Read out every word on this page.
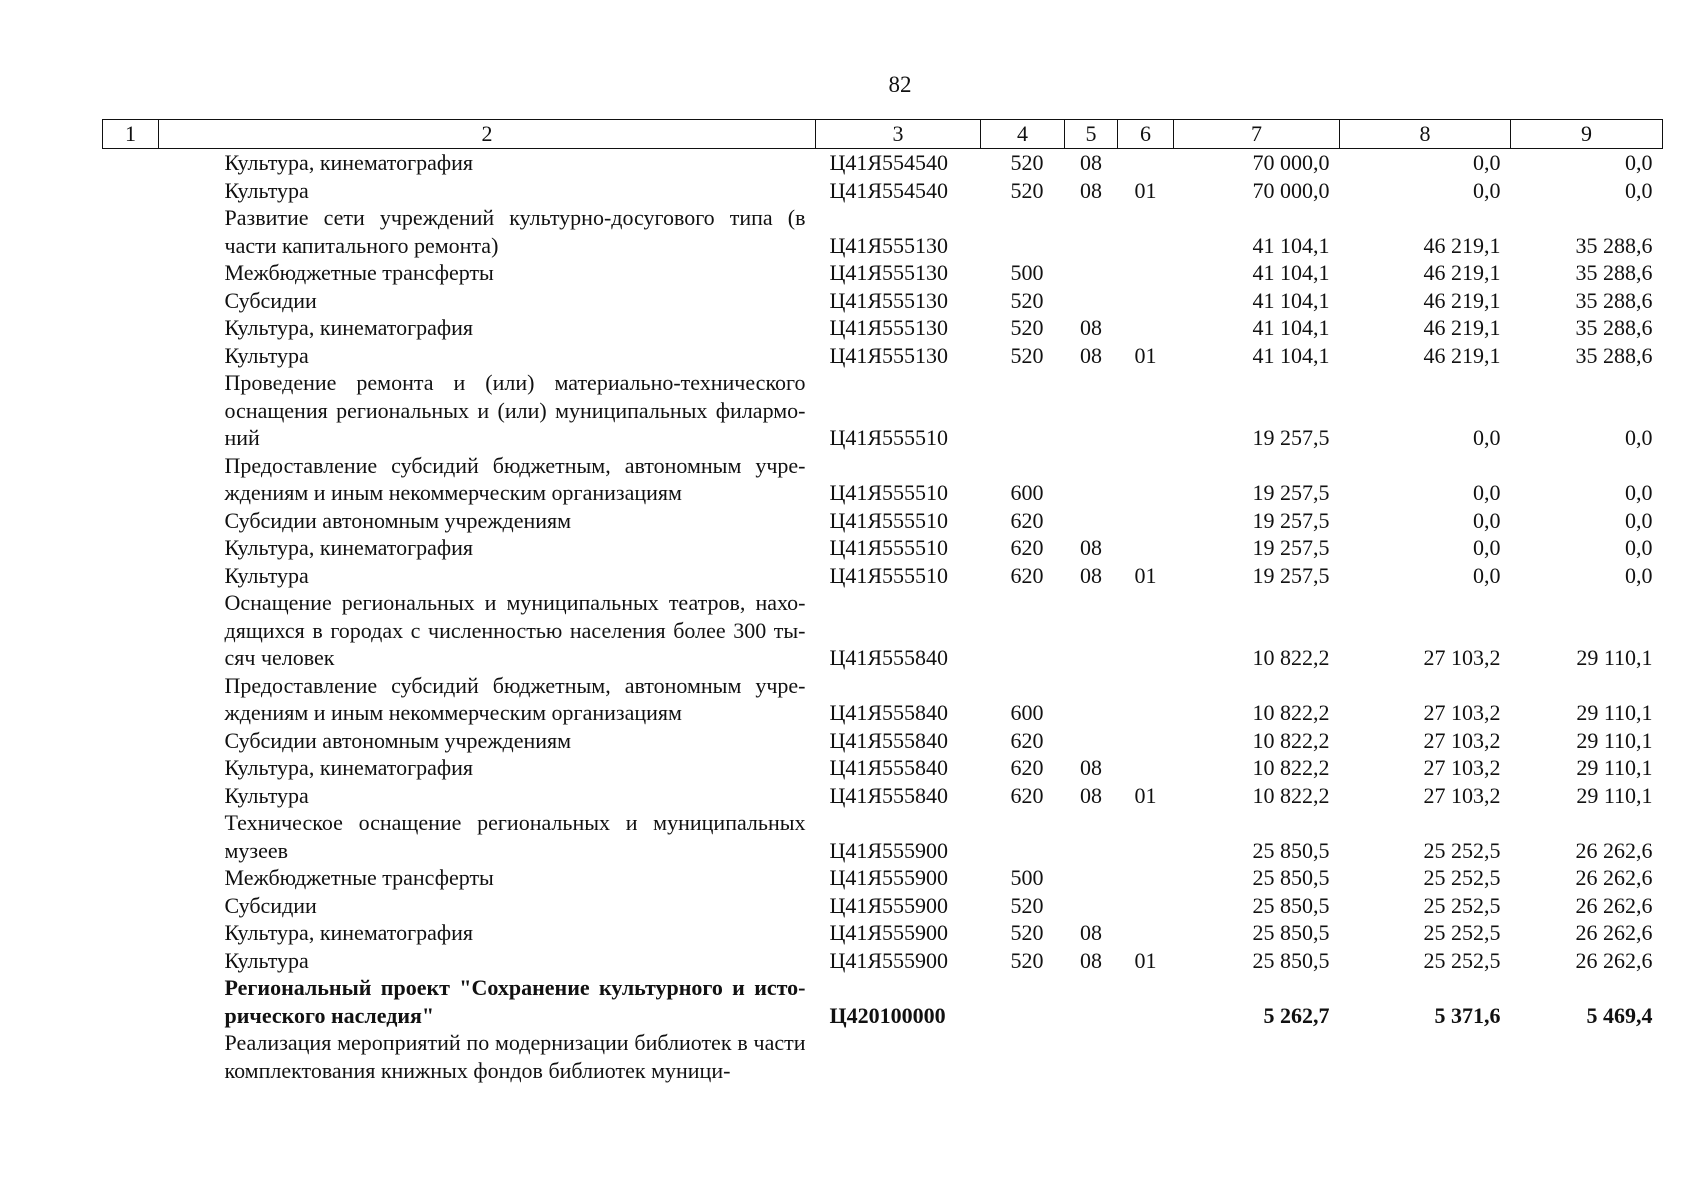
82
1	2	3	4	5	6	7	8	9
	Культура, кинематография	Ц41Я554540	520	08		70 000,0	0,0	0,0
	Культура	Ц41Я554540	520	08	01	70 000,0	0,0	0,0
	Развитие сети учреждений культурно-досугового типа (в части капитального ремонта)	Ц41Я555130				41 104,1	46 219,1	35 288,6
	Межбюджетные трансферты	Ц41Я555130	500			41 104,1	46 219,1	35 288,6
	Субсидии	Ц41Я555130	520			41 104,1	46 219,1	35 288,6
	Культура, кинематография	Ц41Я555130	520	08		41 104,1	46 219,1	35 288,6
	Культура	Ц41Я555130	520	08	01	41 104,1	46 219,1	35 288,6
	Проведение ремонта и (или) материально-технического оснащения региональных и (или) муниципальных филармоний	Ц41Я555510				19 257,5	0,0	0,0
	Предоставление субсидий бюджетным, автономным учреждениям и иным некоммерческим организациям	Ц41Я555510	600			19 257,5	0,0	0,0
	Субсидии автономным учреждениям	Ц41Я555510	620			19 257,5	0,0	0,0
	Культура, кинематография	Ц41Я555510	620	08		19 257,5	0,0	0,0
	Культура	Ц41Я555510	620	08	01	19 257,5	0,0	0,0
	Оснащение региональных и муниципальных театров, находящихся в городах с численностью населения более 300 тысяч человек	Ц41Я555840				10 822,2	27 103,2	29 110,1
	Предоставление субсидий бюджетным, автономным учреждениям и иным некоммерческим организациям	Ц41Я555840	600			10 822,2	27 103,2	29 110,1
	Субсидии автономным учреждениям	Ц41Я555840	620			10 822,2	27 103,2	29 110,1
	Культура, кинематография	Ц41Я555840	620	08		10 822,2	27 103,2	29 110,1
	Культура	Ц41Я555840	620	08	01	10 822,2	27 103,2	29 110,1
	Техническое оснащение региональных и муниципальных музеев	Ц41Я555900				25 850,5	25 252,5	26 262,6
	Межбюджетные трансферты	Ц41Я555900	500			25 850,5	25 252,5	26 262,6
	Субсидии	Ц41Я555900	520			25 850,5	25 252,5	26 262,6
	Культура, кинематография	Ц41Я555900	520	08		25 850,5	25 252,5	26 262,6
	Культура	Ц41Я555900	520	08	01	25 850,5	25 252,5	26 262,6
	Региональный проект "Сохранение культурного и исторического наследия"	Ц420100000				5 262,7	5 371,6	5 469,4
	Реализация мероприятий по модернизации библиотек в части комплектования книжных фондов библиотек муници-							
